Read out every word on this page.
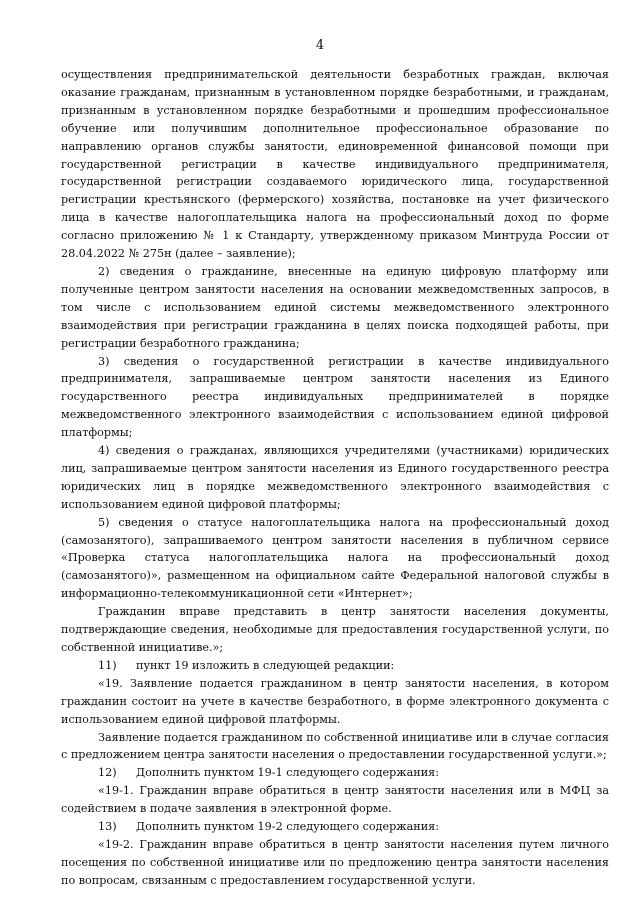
4

осуществления предпринимательской деятельности безработных граждан, включая оказание гражданам, признанным в установленном порядке безработными, и гражданам, признанным в установленном порядке безработными и прошедшим профессиональное обучение или получившим дополнительное профессиональное образование по направлению органов службы занятости, единовременной финансовой помощи при государственной регистрации в качестве индивидуального предпринимателя, государственной регистрации создаваемого юридического лица, государственной регистрации крестьянского (фермерского) хозяйства, постановке на учет физического лица в качестве налогоплательщика налога на профессиональный доход по форме согласно приложению № 1 к Стандарту, утвержденному приказом Минтруда России от 28.04.2022 № 275н (далее – заявление);

2) сведения о гражданине, внесенные на единую цифровую платформу или полученные центром занятости населения на основании межведомственных запросов, в том числе с использованием единой системы межведомственного электронного взаимодействия при регистрации гражданина в целях поиска подходящей работы, при регистрации безработного гражданина;

3) сведения о государственной регистрации в качестве индивидуального предпринимателя, запрашиваемые центром занятости населения из Единого государственного реестра индивидуальных предпринимателей в порядке межведомственного электронного взаимодействия с использованием единой цифровой платформы;

4) сведения о гражданах, являющихся учредителями (участниками) юридических лиц, запрашиваемые центром занятости населения из Единого государственного реестра юридических лиц в порядке межведомственного электронного взаимодействия с использованием единой цифровой платформы;

5) сведения о статусе налогоплательщика налога на профессиональный доход (самозанятого), запрашиваемого центром занятости населения в публичном сервисе «Проверка статуса налогоплательщика налога на профессиональный доход (самозанятого)», размещенном на официальном сайте Федеральной налоговой службы в информационно-телекоммуникационной сети «Интернет»;

Гражданин вправе представить в центр занятости населения документы, подтверждающие сведения, необходимые для предоставления государственной услуги, по собственной инициативе.»;

11) пункт 19 изложить в следующей редакции:

«19. Заявление подается гражданином в центр занятости населения, в котором гражданин состоит на учете в качестве безработного, в форме электронного документа с использованием единой цифровой платформы.

Заявление подается гражданином по собственной инициативе или в случае согласия с предложением центра занятости населения о предоставлении государственной услуги.»;

12) Дополнить пунктом 19-1 следующего содержания:

«19-1. Гражданин вправе обратиться в центр занятости населения или в МФЦ за содействием в подаче заявления в электронной форме.

13) Дополнить пунктом 19-2 следующего содержания:

«19-2. Гражданин вправе обратиться в центр занятости населения путем личного посещения по собственной инициативе или по предложению центра занятости населения по вопросам, связанным с предоставлением государственной услуги.
